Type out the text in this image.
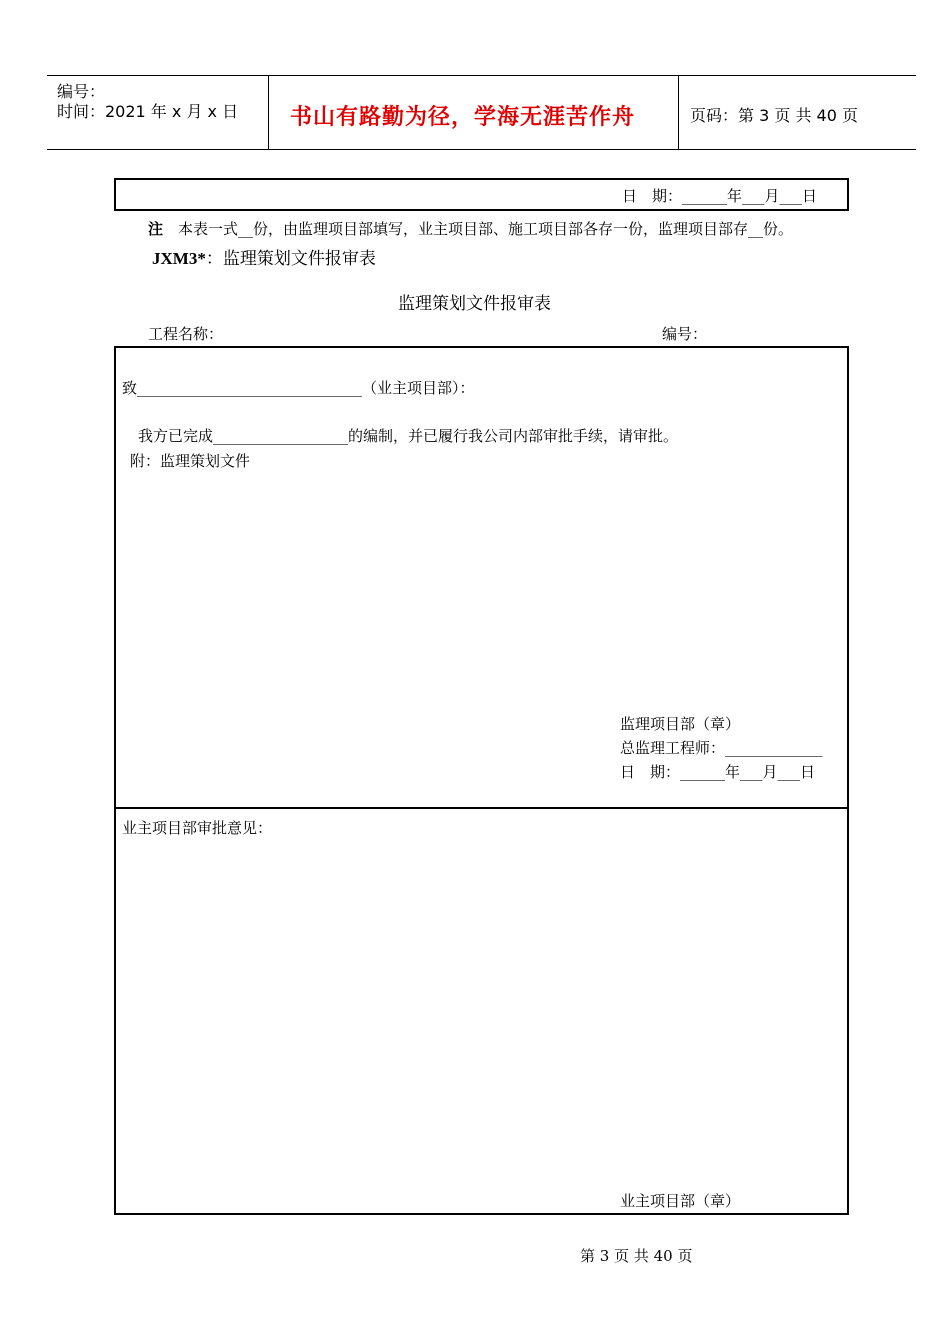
编号：
时间：2021 年 x 月 x 日 书山有路勤为径，学海无涯苦作舟	页码：第 3 页 共 40 页
日　期：______年___月___日
注 本表一式__份，由监理项目部填写，业主项目部、施工项目部各存一份，监理项目部存__份。
JXM3*：监理策划文件报审表
监理策划文件报审表
工程名称：	编号：
致______________________________（业主项目部）：
我方已完成__________________的编制，并已履行我公司内部审批手续，请审批。
附：监理策划文件
监理项目部（章）
总监理工程师：_____________
日　期：______年___月___日
业主项目部审批意见：
业主项目部（章）
第 3 页 共 40 页
